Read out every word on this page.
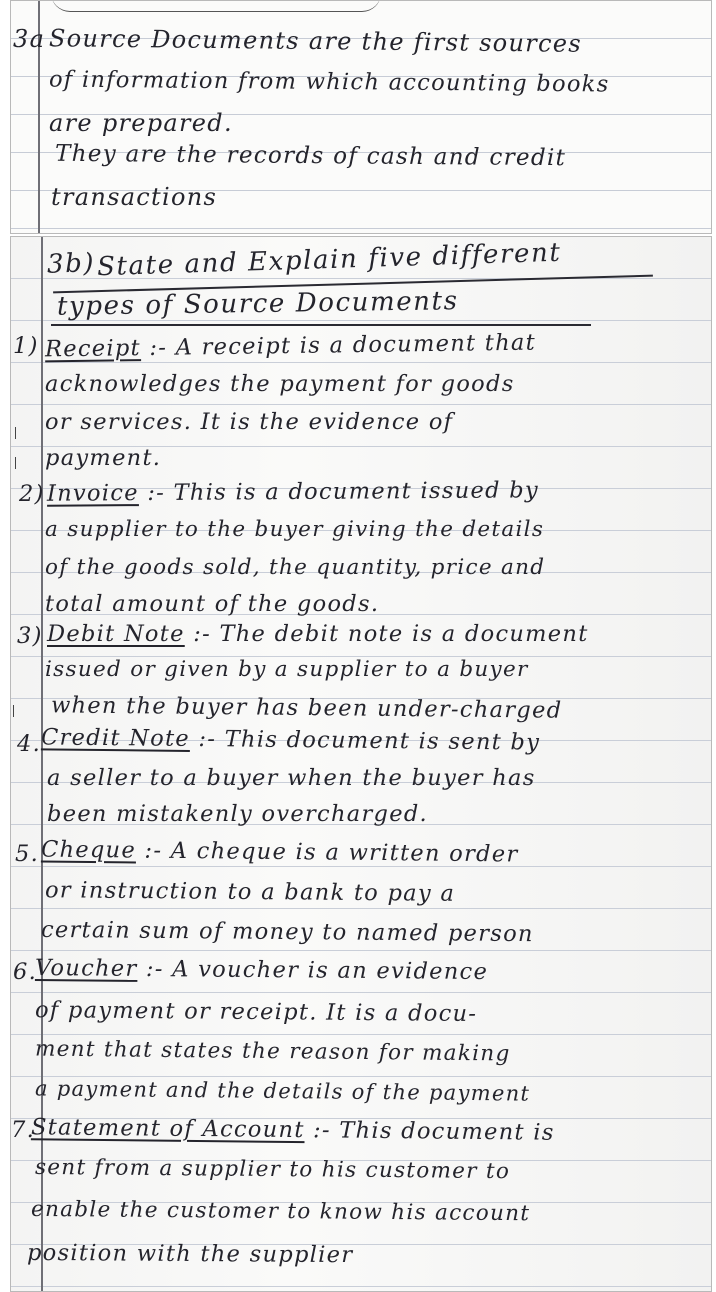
3a Source Documents are the first sources
of information from which accounting books
are prepared.
They are the records of cash and credit
transactions
3b) State and Explain five different
types of Source Documents
1) Receipt :- A receipt is a document that
acknowledges the payment for goods
or services. It is the evidence of
payment.
2) Invoice :- This is a document issued by
a supplier to the buyer giving the details
of the goods sold, the quantity, price and
total amount of the goods.
3) Debit Note :- The debit note is a document
issued or given by a supplier to a buyer
when the buyer has been under-charged
4. Credit Note :- This document is sent by
a seller to a buyer when the buyer has
been mistakenly overcharged.
5. Cheque :- A cheque is a written order
or instruction to a bank to pay a
certain sum of money to named person
6.
Voucher :- A voucher is an evidence
of payment or receipt. It is a docu-
ment that states the reason for making
a payment and the details of the payment
7.
Statement of Account :- This document is
sent from a supplier to his customer to
enable the customer to know his account
position with the supplier
